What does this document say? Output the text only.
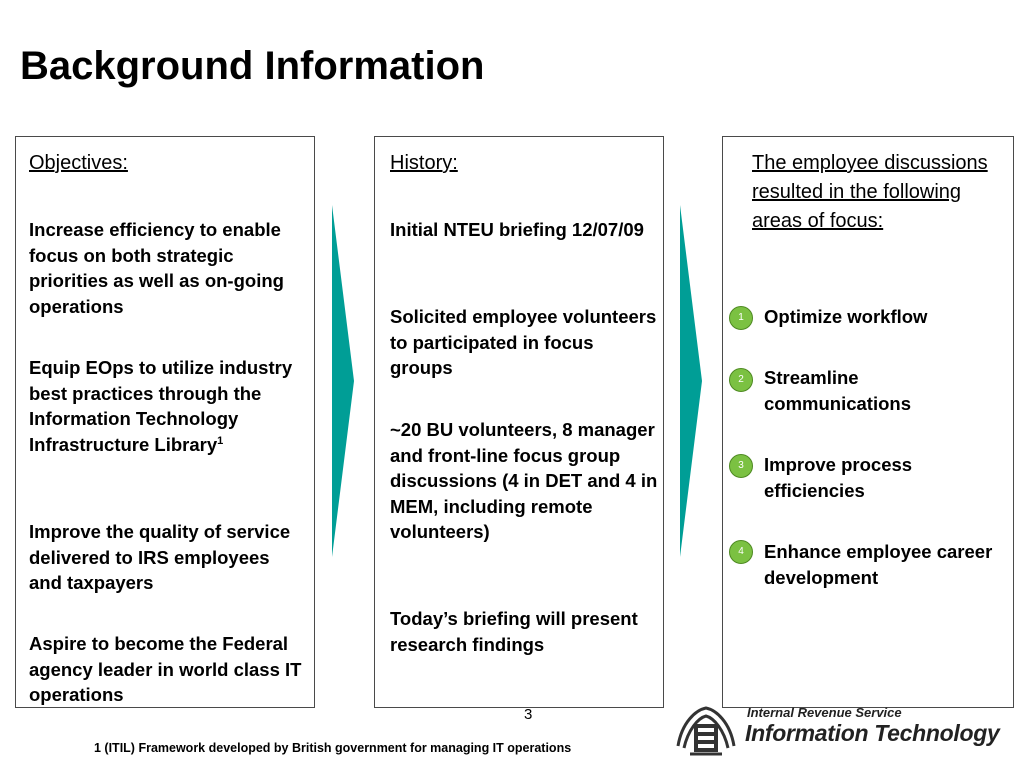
Background Information
Objectives:
Increase efficiency to enable focus on both strategic priorities as well as on-going operations
Equip EOps to utilize industry best practices through the Information Technology Infrastructure Library$^1$
Improve the quality of service delivered to IRS employees and taxpayers
Aspire to become the Federal agency leader in world class IT operations
History:
Initial NTEU briefing 12/07/09
Solicited employee volunteers to participated in focus groups
~20 BU volunteers, 8 manager and front-line focus group discussions (4 in DET and 4 in MEM, including remote volunteers)
Today’s briefing will present research findings
The employee discussions resulted in the following areas of focus:
1	Optimize workflow
2	Streamline communications
3	Improve process efficiencies
4	Enhance employee career development
3
1 (ITIL) Framework developed by British government for managing IT operations
Internal Revenue Service
Information Technology
